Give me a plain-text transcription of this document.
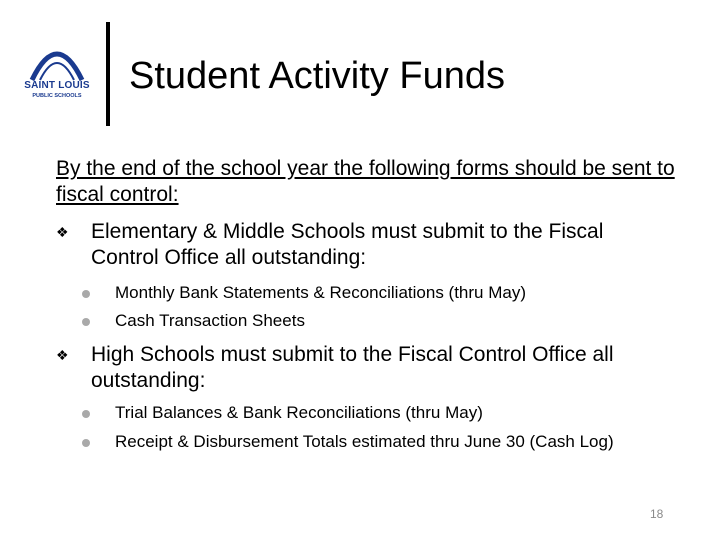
SAINT LOUIS
PUBLIC SCHOOLS	Student Activity Funds
By the end of the school year the following forms should be sent to fiscal control:
❖ Elementary & Middle Schools must submit to the Fiscal Control Office all outstanding:
Monthly Bank Statements & Reconciliations (thru May)
Cash Transaction Sheets
❖ High Schools must submit to the Fiscal Control Office all outstanding:
Trial Balances & Bank Reconciliations (thru May)
Receipt & Disbursement Totals estimated thru June 30 (Cash Log)
18
